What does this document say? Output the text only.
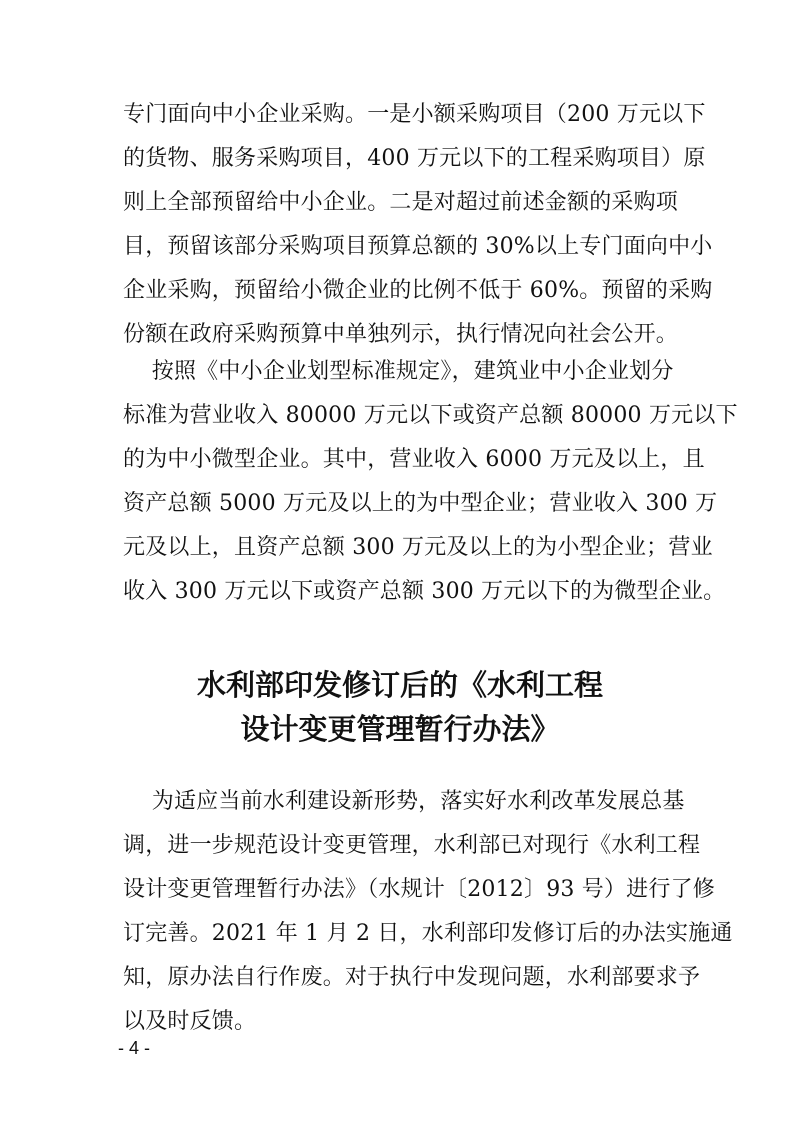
专门面向中小企业采购。一是小额采购项目（200 万元以下
的货物、服务采购项目，400 万元以下的工程采购项目）原
则上全部预留给中小企业。二是对超过前述金额的采购项
目，预留该部分采购项目预算总额的 30%以上专门面向中小
企业采购，预留给小微企业的比例不低于 60%。预留的采购
份额在政府采购预算中单独列示，执行情况向社会公开。
按照《中小企业划型标准规定》，建筑业中小企业划分
标准为营业收入 80000 万元以下或资产总额 80000 万元以下
的为中小微型企业。其中，营业收入 6000 万元及以上，且
资产总额 5000 万元及以上的为中型企业；营业收入 300 万
元及以上，且资产总额 300 万元及以上的为小型企业；营业
收入 300 万元以下或资产总额 300 万元以下的为微型企业。
水利部印发修订后的《水利工程
设计变更管理暂行办法》
为适应当前水利建设新形势，落实好水利改革发展总基
调，进一步规范设计变更管理，水利部已对现行《水利工程
设计变更管理暂行办法》（水规计〔2012〕93 号）进行了修
订完善。2021 年 1 月 2 日，水利部印发修订后的办法实施通
知，原办法自行作废。对于执行中发现问题，水利部要求予
以及时反馈。
- 4 -
